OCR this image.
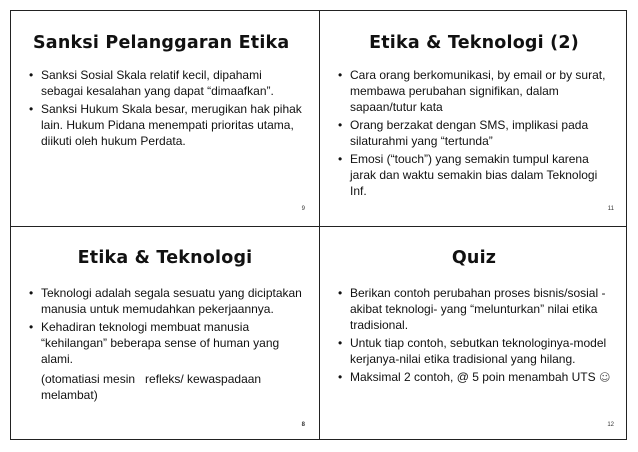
Sanksi Pelanggaran Etika
• Sanksi Sosial Skala relatif kecil, dipahami sebagai kesalahan yang dapat “dimaafkan”.
• Sanksi Hukum Skala besar, merugikan hak pihak lain. Hukum Pidana menempati prioritas utama, diikuti oleh hukum Perdata.
9
Etika & Teknologi (2)
• Cara orang berkomunikasi, by email or by surat, membawa perubahan signifikan, dalam sapaan/tutur kata
• Orang berzakat dengan SMS, implikasi pada silaturahmi yang “tertunda”
• Emosi (“touch”) yang semakin tumpul karena jarak dan waktu semakin bias dalam Teknologi Inf.
11
Etika & Teknologi
• Teknologi adalah segala sesuatu yang diciptakan manusia untuk memudahkan pekerjaannya.
• Kehadiran teknologi membuat manusia “kehilangan” beberapa sense of human yang alami.
(otomatiasi mesin   refleks/ kewaspadaan melambat)
8
Quiz
• Berikan contoh perubahan proses bisnis/sosial -akibat teknologi- yang “melunturkan” nilai etika tradisional.
• Untuk tiap contoh, sebutkan teknologinya-model kerjanya-nilai etika tradisional yang hilang.
• Maksimal 2 contoh, @ 5 poin menambah UTS ☺
12
